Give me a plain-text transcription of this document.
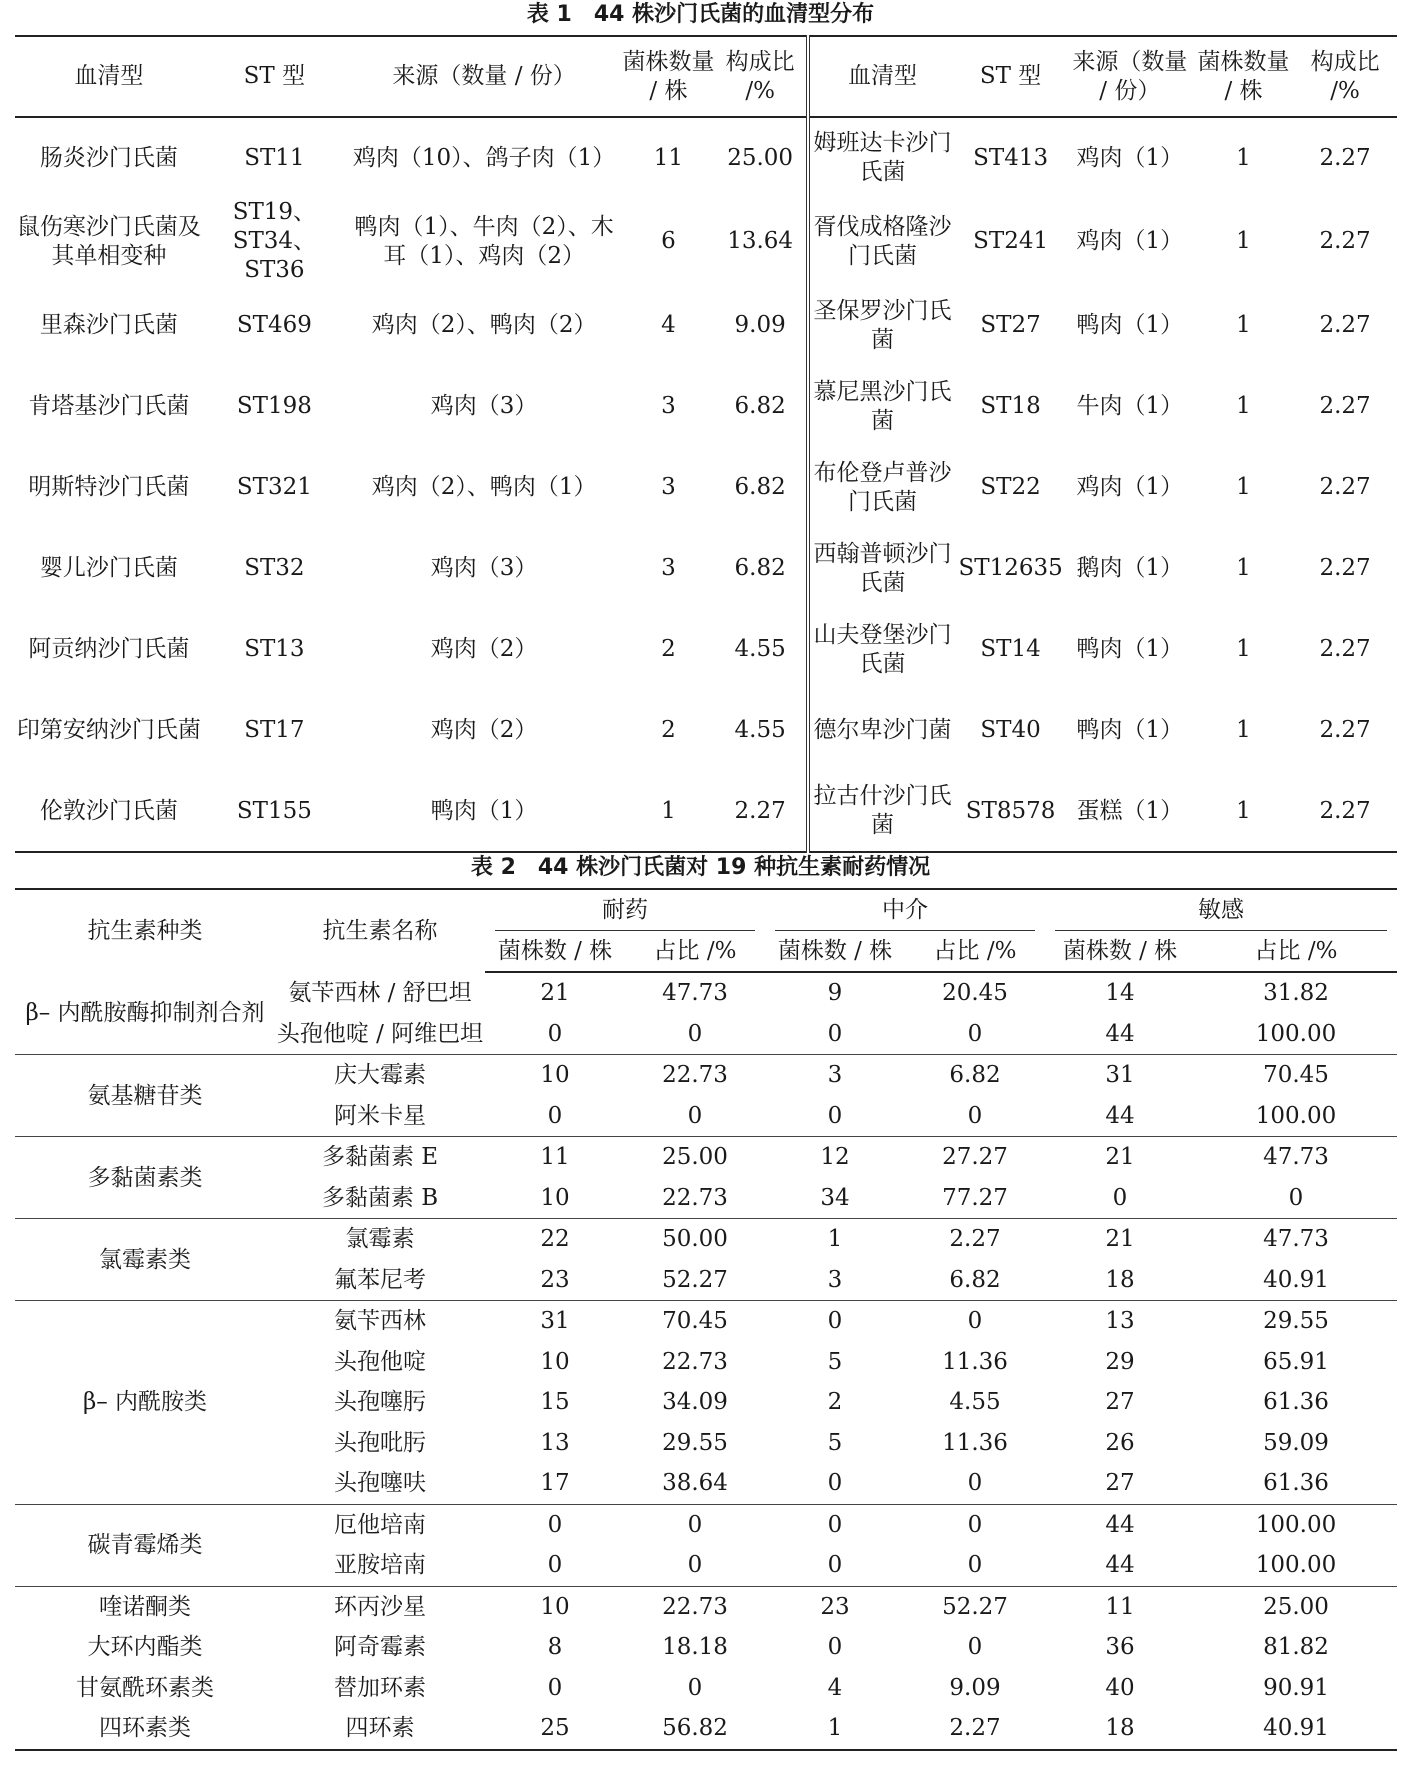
表 1　44 株沙门氏菌的血清型分布
血清型	ST 型	来源（数量 / 份）	菌株数量 / 株	构成比 /%	血清型	ST 型	来源（数量 / 份）	菌株数量 / 株	构成比 /%
肠炎沙门氏菌	ST11	鸡肉（10）、鸽子肉（1）	11	25.00	姆班达卡沙门氏菌	ST413	鸡肉（1）	1	2.27
鼠伤寒沙门氏菌及其单相变种	ST19、ST34、ST36	鸭肉（1）、牛肉（2）、木耳（1）、鸡肉（2）	6	13.64	胥伐成格隆沙门氏菌	ST241	鸡肉（1）	1	2.27
里森沙门氏菌	ST469	鸡肉（2）、鸭肉（2）	4	9.09	圣保罗沙门氏菌	ST27	鸭肉（1）	1	2.27
肯塔基沙门氏菌	ST198	鸡肉（3）	3	6.82	慕尼黑沙门氏菌	ST18	牛肉（1）	1	2.27
明斯特沙门氏菌	ST321	鸡肉（2）、鸭肉（1）	3	6.82	布伦登卢普沙门氏菌	ST22	鸡肉（1）	1	2.27
婴儿沙门氏菌	ST32	鸡肉（3）	3	6.82	西翰普顿沙门氏菌	ST12635	鹅肉（1）	1	2.27
阿贡纳沙门氏菌	ST13	鸡肉（2）	2	4.55	山夫登堡沙门氏菌	ST14	鸭肉（1）	1	2.27
印第安纳沙门氏菌	ST17	鸡肉（2）	2	4.55	德尔卑沙门菌	ST40	鸭肉（1）	1	2.27
伦敦沙门氏菌	ST155	鸭肉（1）	1	2.27	拉古什沙门氏菌	ST8578	蛋糕（1）	1	2.27
表 2　44 株沙门氏菌对 19 种抗生素耐药情况
抗生素种类	抗生素名称	耐药		中介		敏感	
		菌株数 / 株	占比 /%	菌株数 / 株	占比 /%	菌株数 / 株	占比 /%
β– 内酰胺酶抑制剂合剂	氨苄西林 / 舒巴坦	21	47.73	9	20.45	14	31.82
	头孢他啶 / 阿维巴坦	0	0	0	0	44	100.00
氨基糖苷类	庆大霉素	10	22.73	3	6.82	31	70.45
	阿米卡星	0	0	0	0	44	100.00
多黏菌素类	多黏菌素 E	11	25.00	12	27.27	21	47.73
	多黏菌素 B	10	22.73	34	77.27	0	0
氯霉素类	氯霉素	22	50.00	1	2.27	21	47.73
	氟苯尼考	23	52.27	3	6.82	18	40.91
β– 内酰胺类	氨苄西林	31	70.45	0	0	13	29.55
	头孢他啶	10	22.73	5	11.36	29	65.91
	头孢噻肟	15	34.09	2	4.55	27	61.36
	头孢吡肟	13	29.55	5	11.36	26	59.09
	头孢噻呋	17	38.64	0	0	27	61.36
碳青霉烯类	厄他培南	0	0	0	0	44	100.00
	亚胺培南	0	0	0	0	44	100.00
喹诺酮类	环丙沙星	10	22.73	23	52.27	11	25.00
大环内酯类	阿奇霉素	8	18.18	0	0	36	81.82
甘氨酰环素类	替加环素	0	0	4	9.09	40	90.91
四环素类	四环素	25	56.82	1	2.27	18	40.91
